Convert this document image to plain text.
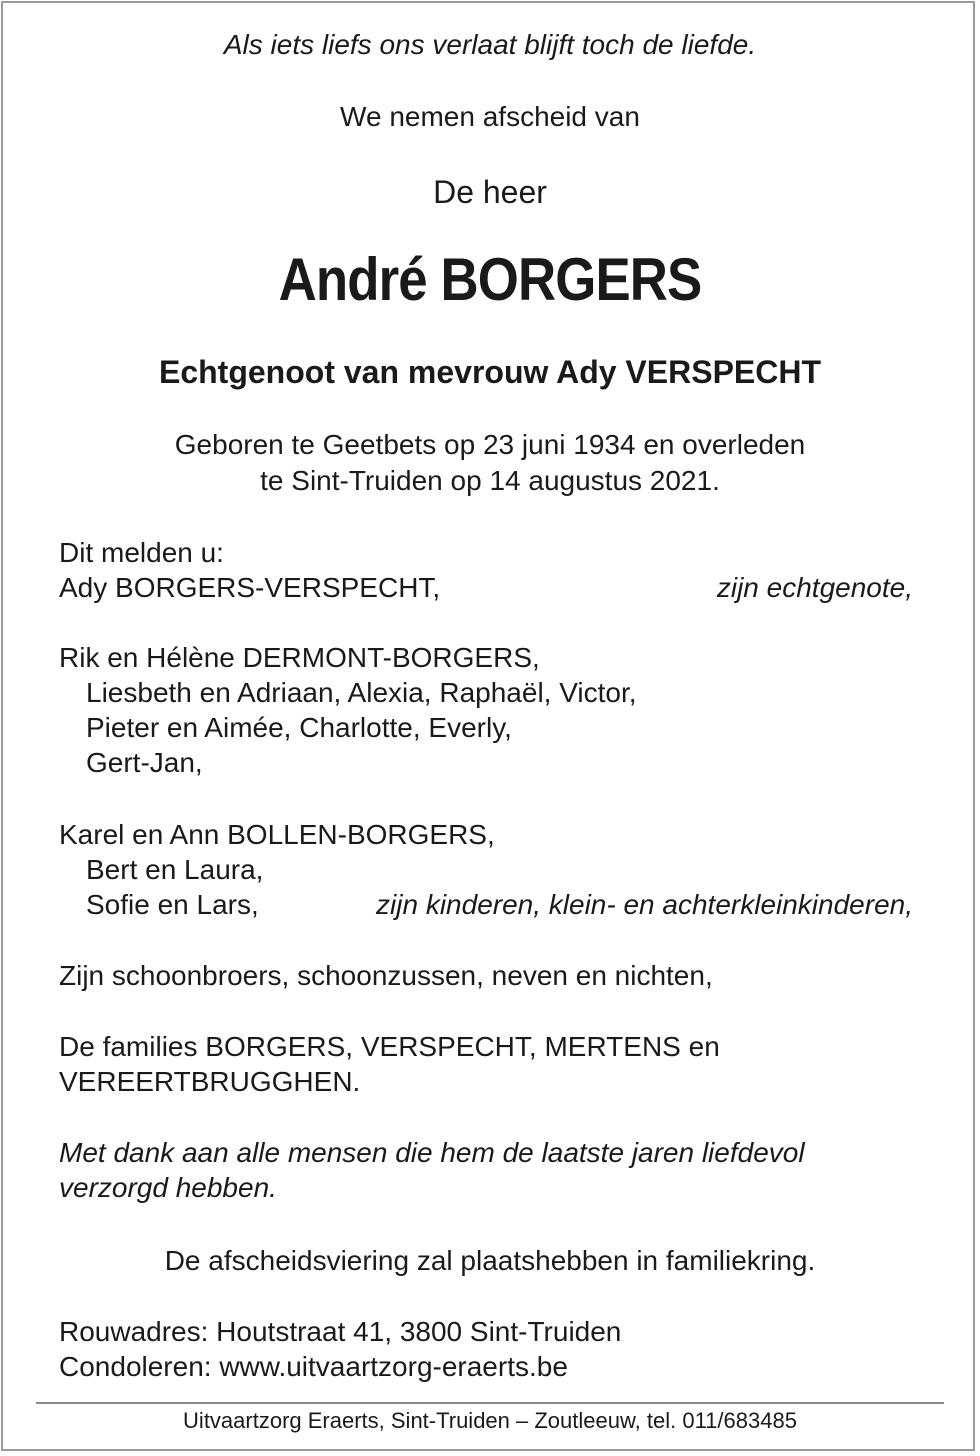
Als iets liefs ons verlaat blijft toch de liefde.
We nemen afscheid van
De heer
André BORGERS
Echtgenoot van mevrouw Ady VERSPECHT
Geboren te Geetbets op 23 juni 1934 en overleden
te Sint-Truiden op 14 augustus 2021.
Dit melden u:
Ady BORGERS-VERSPECHT,	zijn echtgenote,
Rik en Hélène DERMONT-BORGERS,
Liesbeth en Adriaan, Alexia, Raphaël, Victor,
Pieter en Aimée, Charlotte, Everly,
Gert-Jan,
Karel en Ann BOLLEN-BORGERS,
Bert en Laura,
Sofie en Lars,	zijn kinderen, klein- en achterkleinkinderen,
Zijn schoonbroers, schoonzussen, neven en nichten,
De families BORGERS, VERSPECHT, MERTENS en
VEREERTBRUGGHEN.
Met dank aan alle mensen die hem de laatste jaren liefdevol
verzorgd hebben.
De afscheidsviering zal plaatshebben in familiekring.
Rouwadres: Houtstraat 41, 3800 Sint-Truiden
Condoleren: www.uitvaartzorg-eraerts.be
Uitvaartzorg Eraerts, Sint-Truiden – Zoutleeuw, tel. 011/683485
